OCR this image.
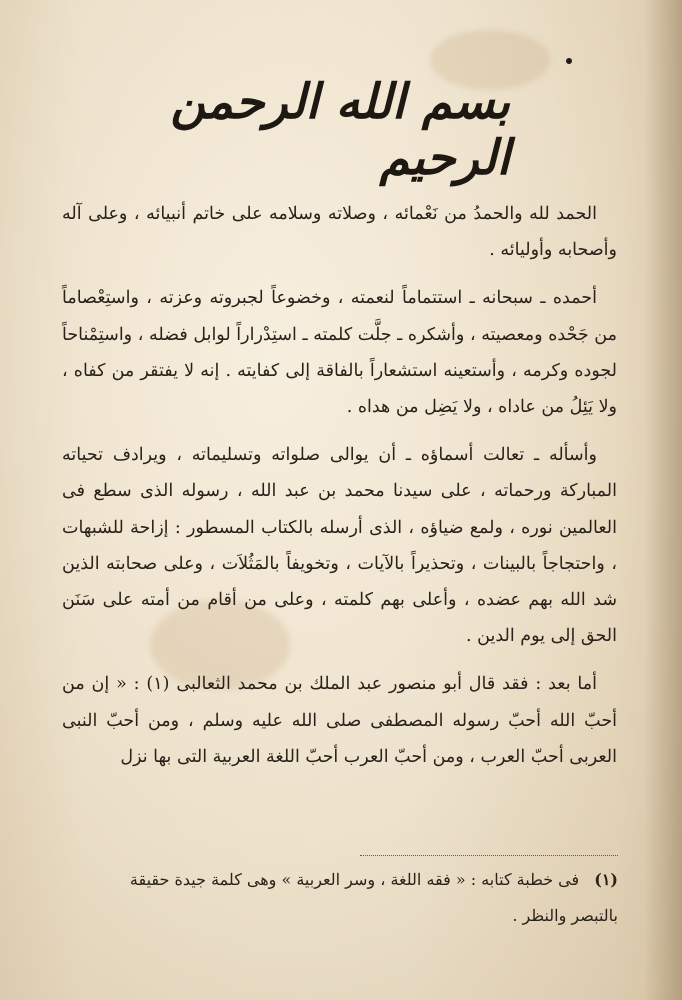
بسم الله الرحمن الرحيم

الحمد لله والحمدُ من نَعْمائه ، وصلاته وسلامه على خاتم أنبيائه ، وعلى آله وأصحابه وأوليائه .

أحمده ـ سبحانه ـ استتماماً لنعمته ، وخضوعاً لجبروته وعزته ، واستِعْصاماً من جَحْده ومعصيته ، وأشكره ـ جلَّت كلمته ـ استِدْراراً لوابل فضله ، واستِمْناحاً لجوده وكرمه ، وأستعينه استشعاراً بالفاقة إلى كفايته . إنه لا يفتقر من كفاه ، ولا يَئِلُ من عاداه ، ولا يَضِل من هداه .

وأسأله ـ تعالت أسماؤه ـ أن يوالى صلواته وتسليماته ، ويرادف تحياته المباركة ورحماته ، على سيدنا محمد بن عبد الله ، رسوله الذى سطع فى العالمين نوره ، ولمع ضياؤه ، الذى أرسله بالكتاب المسطور : إزاحة للشبهات ، واحتجاجاً بالبينات ، وتحذيراً بالآيات ، وتخويفاً بالمَثُلاَت ، وعلى صحابته الذين شد الله بهم عضده ، وأعلى بهم كلمته ، وعلى من أقام من أمته على سَنَن الحق إلى يوم الدين .

أما بعد : فقد قال أبو منصور عبد الملك بن محمد الثعالبى (١) : « إن من أحبّ الله أحبّ رسوله المصطفى صلى الله عليه وسلم ، ومن أحبّ النبى العربى أحبّ العرب ، ومن أحبّ العرب أحبّ اللغة العربية التى بها نزل

(١) فى خطبة كتابه : « فقه اللغة ، وسر العربية » وهى كلمة جيدة حقيقة بالتبصر والنظر .
